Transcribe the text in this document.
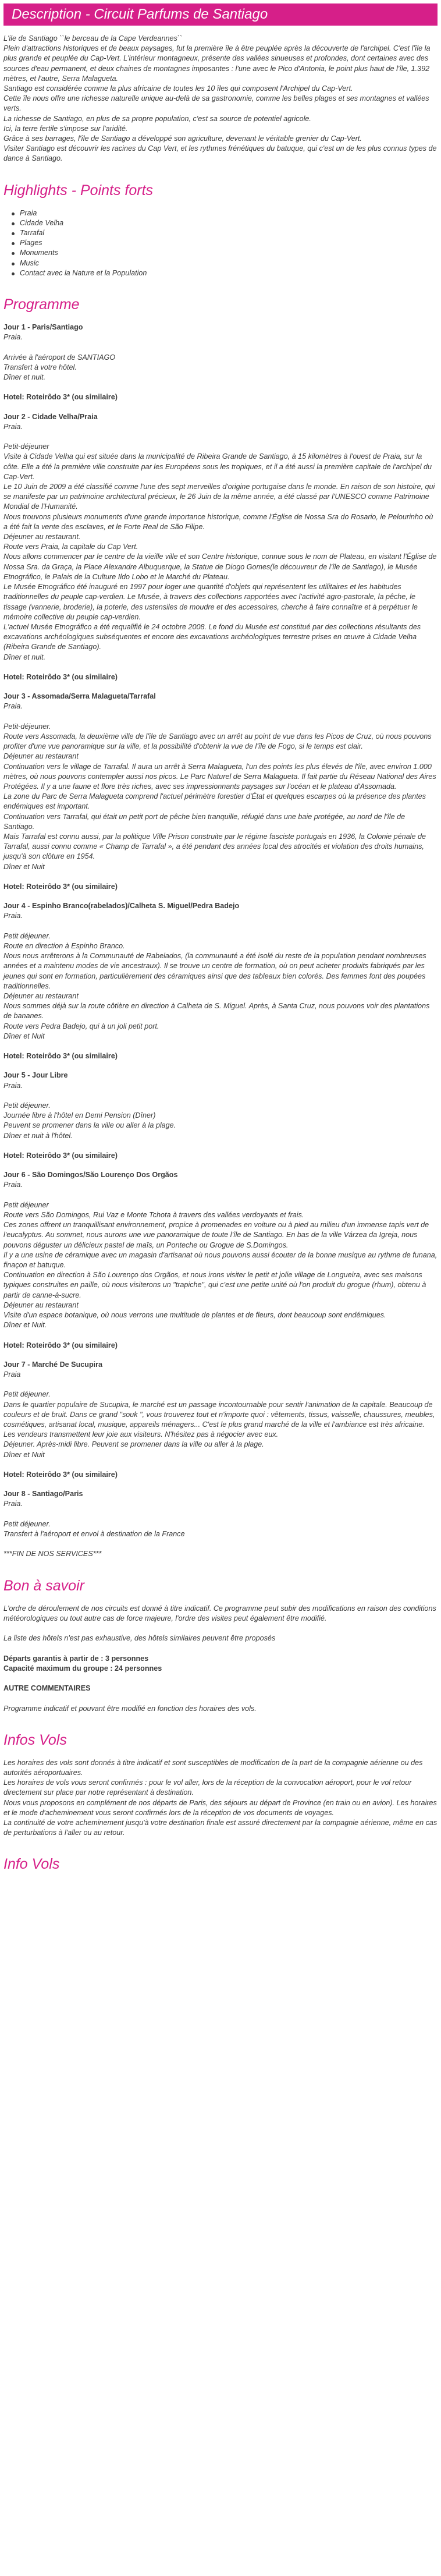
Description - Circuit Parfums de Santiago

L'ile de Santiago ``le berceau de la Cape Verdeannes``

Plein d'attractions historiques et de beaux paysages, fut la première île à être peuplée après la découverte de l'archipel. C'est l'île la plus grande et peuplée du Cap-Vert. L'intérieur montagneux, présente des vallées sinueuses et profondes, dont certaines avec des sources d'eau permanent, et deux chaines de montagnes imposantes : l'une avec le Pico d'Antonia, le point plus haut de l'île, 1.392 mètres, et l'autre, Serra Malagueta.

Santiago est considérée comme la plus africaine de toutes les 10 îles qui composent l'Archipel du Cap-Vert.

Cette île nous offre une richesse naturelle unique au-delà de sa gastronomie, comme les belles plages et ses montagnes et vallées verts.

La richesse de Santiago, en plus de sa propre population, c'est sa source de potentiel agricole.

Ici, la terre fertile s'impose sur l'aridité.

Grâce à ses barrages, l'île de Santiago a développé son agriculture, devenant le véritable grenier du Cap-Vert.

Visiter Santiago est découvrir les racines du Cap Vert, et les rythmes frénétiques du batuque, qui c'est un de les plus connus types de dance à Santiago.

Highlights - Points forts
Praia
Cidade Velha
Tarrafal
Plages
Monuments
Music
Contact avec la Nature et la Population
Programme

Jour 1 - Paris/Santiago

Praia.

Arrivée à l'aéroport de SANTIAGO

Transfert à votre hôtel.

Dîner et nuit.

Hotel: Roteirôdo 3* (ou similaire)

Jour 2 - Cidade Velha/Praia

Praia.

Petit-déjeuner

Visite à Cidade Velha qui est située dans la municipalité de Ribeira Grande de Santiago, à 15 kilomètres à l'ouest de Praia, sur la côte. Elle a été la première ville construite par les Européens sous les tropiques, et il a été aussi la première capitale de l'archipel du Cap-Vert.

Le 10 Juin de 2009 a été classifié comme l'une des sept merveilles d'origine portugaise dans le monde. En raison de son histoire, qui se manifeste par un patrimoine architectural précieux, le 26 Juin de la même année, a été classé par l'UNESCO comme Patrimoine Mondial de l'Humanité.

Nous trouvons plusieurs monuments d'une grande importance historique, comme l'Église de Nossa Sra do Rosario, le Pelourinho où a été fait la vente des esclaves, et le Forte Real de São Filipe.

Déjeuner au restaurant.

Route vers Praia, la capitale du Cap Vert.

Nous allons commencer par le centre de la vieille ville et son Centre historique, connue sous le nom de Plateau, en visitant l'Église de Nossa Sra. da Graça, la Place Alexandre Albuquerque, la Statue de Diogo Gomes(le découvreur de l'île de Santiago), le Musée Etnográfico, le Palais de la Culture Ildo Lobo et le Marché du Plateau.

Le Musée Etnográfico été inauguré en 1997 pour loger une quantité d'objets qui représentent les utilitaires et les habitudes traditionnelles du peuple cap-verdien. Le Musée, à travers des collections rapportées avec l'activité agro-pastorale, la pêche, le tissage (vannerie, broderie), la poterie, des ustensiles de moudre et des accessoires, cherche à faire connaître et à perpétuer le mémoire collective du peuple cap-verdien.

L'actuel Musée Etnográfico a été requalifié le 24 octobre 2008. Le fond du Musée est constitué par des collections résultants des excavations archéologiques subséquentes et encore des excavations archéologiques terrestre prises en œuvre à Cidade Velha (Ribeira Grande de Santiago).

Dîner et nuit.

Hotel: Roteirôdo 3* (ou similaire)

Jour 3 - Assomada/Serra Malagueta/Tarrafal

Praia.

Petit-déjeuner.

Route vers Assomada, la deuxième ville de l'île de Santiago avec un arrêt au point de vue dans les Picos de Cruz, où nous pouvons profiter d'une vue panoramique sur la ville, et la possibilité d'obtenir la vue de l'île de Fogo, si le temps est clair.

Déjeuner au restaurant

Continuation vers le village de Tarrafal. Il aura un arrêt à Serra Malagueta, l'un des points les plus élevés de l'île, avec environ 1.000 mètres, où nous pouvons contempler aussi nos picos. Le Parc Naturel de Serra Malagueta. Il fait partie du Réseau National des Aires Protégées. Il y a une faune et flore très riches, avec ses impressionnants paysages sur l'océan et le plateau d'Assomada.

La zone du Parc de Serra Malagueta comprend l'actuel périmètre forestier d'État et quelques escarpes où la présence des plantes endémiques est important.

Continuation vers Tarrafal, qui était un petit port de pêche bien tranquille, réfugié dans une baie protégée, au nord de l'île de Santiago.

Mais Tarrafal est connu aussi, par la politique Ville Prison construite par le régime fasciste portugais en 1936, la Colonie pénale de Tarrafal, aussi connu comme « Champ de Tarrafal », a été pendant des années local des atrocités et violation des droits humains, jusqu'à son clôture en 1954.

Dîner et Nuit

Hotel: Roteirôdo 3* (ou similaire)

Jour 4 - Espinho Branco(rabelados)/Calheta S. Miguel/Pedra Badejo

Praia.

Petit déjeuner.

Route en direction à Espinho Branco.

Nous nous arrêterons à la Communauté de Rabelados, (la communauté a été isolé du reste de la population pendant nombreuses années et a maintenu modes de vie ancestraux). Il se trouve un centre de formation, où on peut acheter produits fabriqués par les jeunes qui sont en formation, particulièrement des céramiques ainsi que des tableaux bien colorés. Des femmes font des poupées traditionnelles.

Déjeuner au restaurant

Nous sommes déjà sur la route côtière en direction à Calheta de S. Miguel. Après, à Santa Cruz, nous pouvons voir des plantations de bananes.

Route vers Pedra Badejo, qui à un joli petit port.

Dîner et Nuit

Hotel: Roteirôdo 3* (ou similaire)

Jour 5 - Jour Libre

Praia.

Petit déjeuner.

Journée libre à l'hôtel en Demi Pension (Dîner)

Peuvent se promener dans la ville ou aller à la plage.

Dîner et nuit à l'hôtel.

Hotel: Roteirôdo 3* (ou similaire)

Jour 6 - São Domingos/São Lourenço Dos Orgãos

Praia.

Petit déjeuner

Route vers São Domingos, Rui Vaz e Monte Tchota à travers des vallées verdoyants et frais.

Ces zones offrent un tranquillisant environnement, propice à promenades en voiture ou à pied au milieu d'un immense tapis vert de l'eucalyptus. Au sommet, nous aurons une vue panoramique de toute l'île de Santiago. En bas de la ville Várzea da Igreja, nous pouvons déguster un délicieux pastel de maïs, un Ponteche ou Grogue de S.Domingos.

Il y a une usine de céramique avec un magasin d'artisanat où nous pouvons aussi écouter de la bonne musique au rythme de funana, finaçon et batuque.

Continuation en direction à São Lourenço dos Orgãos, et nous irons visiter le petit et jolie village de Longueira, avec ses maisons typiques construites en paille, où nous visiterons un "trapiche", qui c'est une petite unité où l'on produit du grogue (rhum), obtenu à partir de canne-à-sucre.

Déjeuner au restaurant

Visite d'un espace botanique, où nous verrons une multitude de plantes et de fleurs, dont beaucoup sont endémiques.

Dîner et Nuit.

Hotel: Roteirôdo 3* (ou similaire)

Jour 7 - Marché De Sucupira

Praia

Petit déjeuner.

Dans le quartier populaire de Sucupira, le marché est un passage incontournable pour sentir l'animation de la capitale. Beaucoup de couleurs et de bruit. Dans ce grand "souk ", vous trouverez tout et n'importe quoi : vêtements, tissus, vaisselle, chaussures, meubles, cosmétiques, artisanat local, musique, appareils ménagers... C'est le plus grand marché de la ville et l'ambiance est très africaine. Les vendeurs transmettent leur joie aux visiteurs. N'hésitez pas à négocier avec eux.

Déjeuner. Après-midi libre. Peuvent se promener dans la ville ou aller à la plage.

Dîner et Nuit

Hotel: Roteirôdo 3* (ou similaire)

Jour 8 - Santiago/Paris

Praia.

Petit déjeuner.

Transfert à l'aéroport et envol à destination de la France

***FIN DE NOS SERVICES***

Bon à savoir

L'ordre de déroulement de nos circuits est donné à titre indicatif. Ce programme peut subir des modifications en raison des conditions météorologiques ou tout autre cas de force majeure, l'ordre des visites peut également être modifié.

La liste des hôtels n'est pas exhaustive, des hôtels similaires peuvent être proposés

Départs garantis à partir de : 3 personnes

Capacité maximum du groupe : 24 personnes

AUTRE COMMENTAIRES

Programme indicatif et pouvant être modifié en fonction des horaires des vols.

Infos Vols

Les horaires des vols sont donnés à titre indicatif et sont susceptibles de modification de la part de la compagnie aérienne ou des autorités aéroportuaires.

Les horaires de vols vous seront confirmés : pour le vol aller, lors de la réception de la convocation aéroport, pour le vol retour directement sur place par notre représentant à destination.

Nous vous proposons en complément de nos départs de Paris, des séjours au départ de Province (en train ou en avion). Les horaires et le mode d'acheminement vous seront confirmés lors de la réception de vos documents de voyages.

La continuité de votre acheminement jusqu'à votre destination finale est assuré directement par la compagnie aérienne, même en cas de perturbations à l'aller ou au retour.

Info Vols
